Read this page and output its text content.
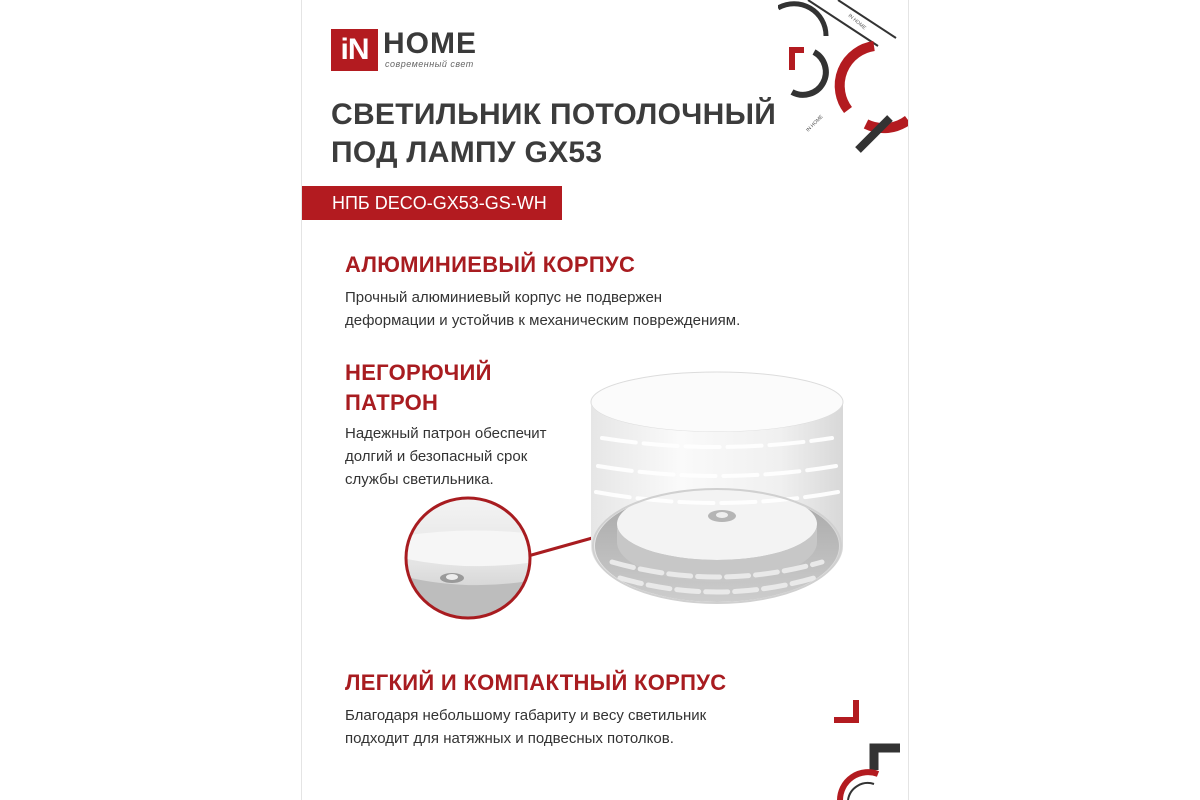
iN HOME
современный свет
IN HOME
IN HOME
СВЕТИЛЬНИК ПОТОЛОЧНЫЙ
ПОД ЛАМПУ GX53
НПБ DECO-GX53-GS-WH
АЛЮМИНИЕВЫЙ КОРПУС
Прочный алюминиевый корпус не подвержен
деформации и устойчив к механическим повреждениям.
НЕГОРЮЧИЙ
ПАТРОН
Надежный патрон обеспечит
долгий и безопасный срок
службы светильника.
ЛЕГКИЙ И КОМПАКТНЫЙ КОРПУС
Благодаря небольшому габариту и весу светильник
подходит для натяжных и подвесных потолков.
